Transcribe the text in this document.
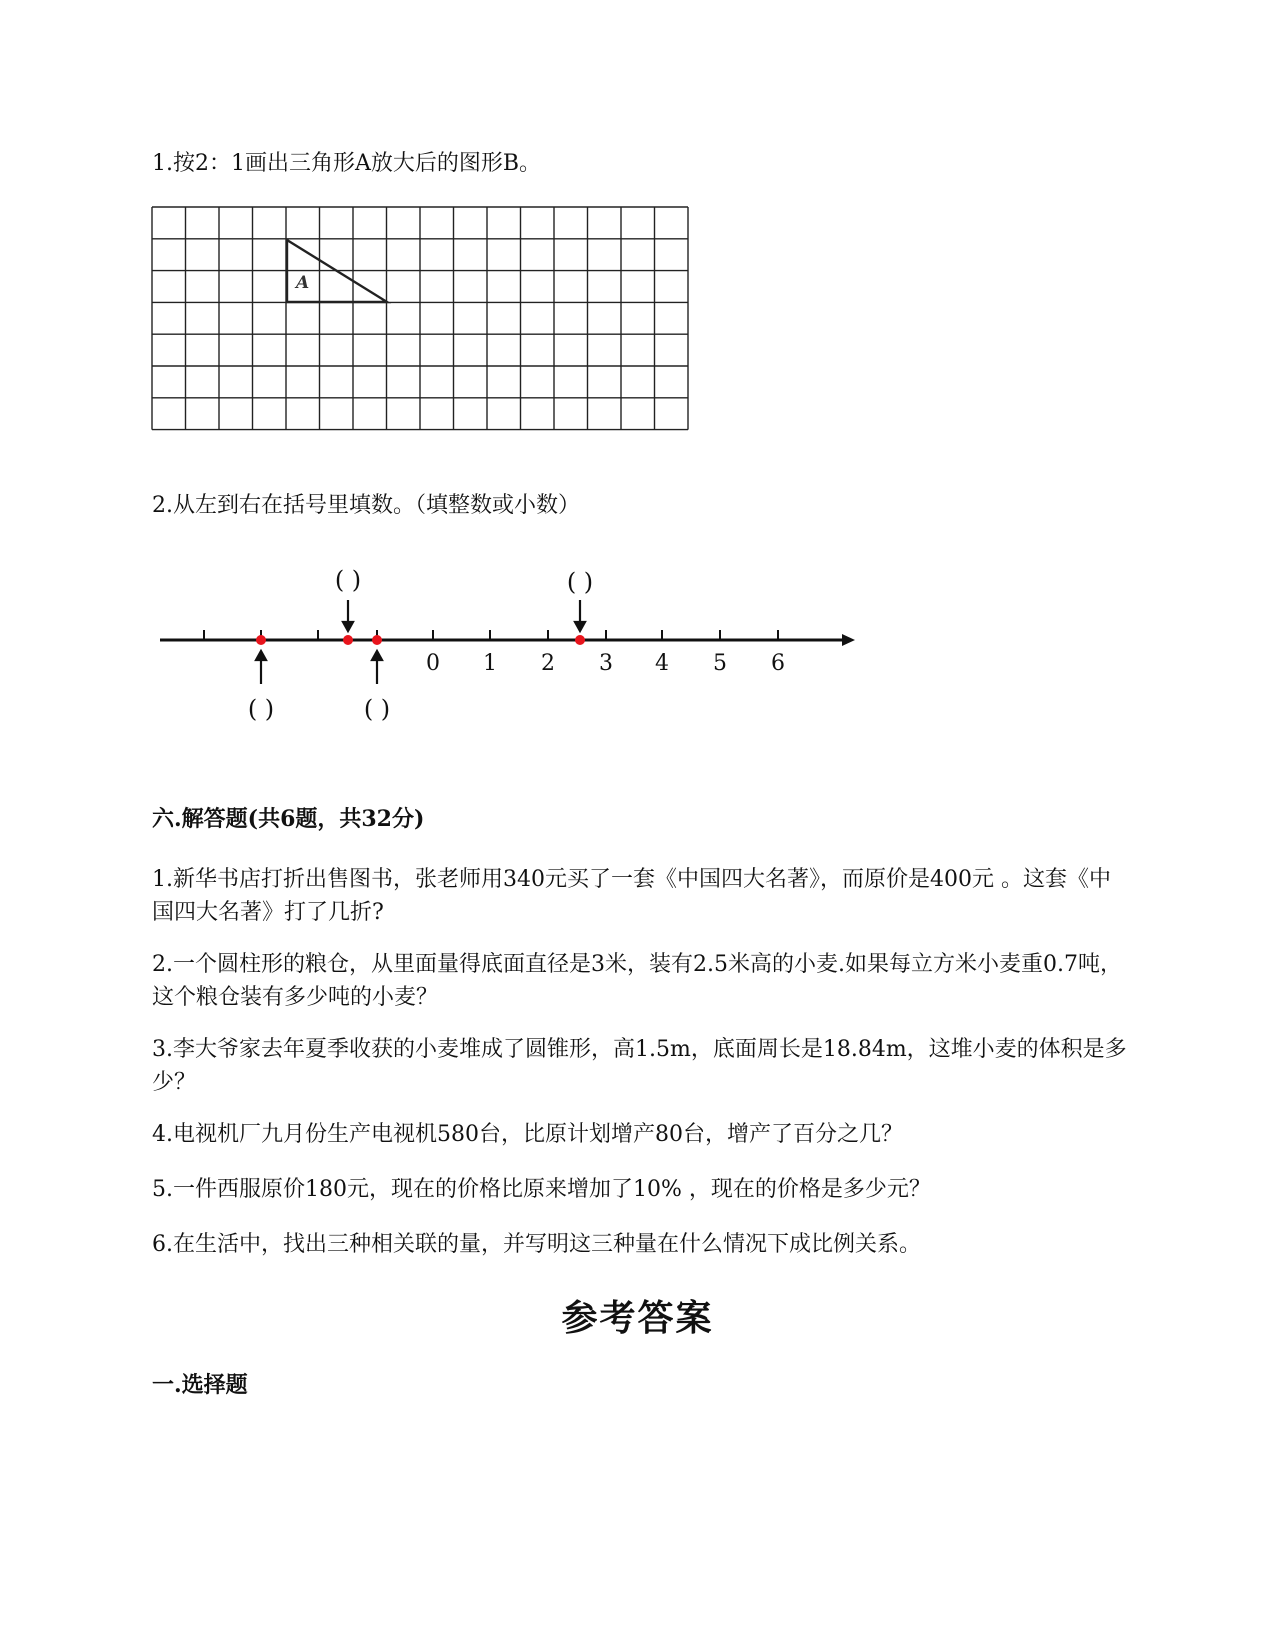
1.按2：1画出三角形A放大后的图形B。
A
2.从左到右在括号里填数。（填整数或小数）
0 1 2 3 4 5 6
( )	( )
( )	( )
六.解答题(共6题，共32分)
1.新华书店打折出售图书，张老师用340元买了一套《中国四大名著》，而原价是400元 。这套《中国四大名著》打了几折?
2.一个圆柱形的粮仓，从里面量得底面直径是3米，装有2.5米高的小麦.如果每立方米小麦重0.7吨，这个粮仓装有多少吨的小麦？
3.李大爷家去年夏季收获的小麦堆成了圆锥形，高1.5m，底面周长是18.84m，这堆小麦的体积是多少？
4.电视机厂九月份生产电视机580台，比原计划增产80台，增产了百分之几？
5.一件西服原价180元，现在的价格比原来增加了10% ，现在的价格是多少元？
6.在生活中，找出三种相关联的量，并写明这三种量在什么情况下成比例关系。
参考答案
一.选择题
